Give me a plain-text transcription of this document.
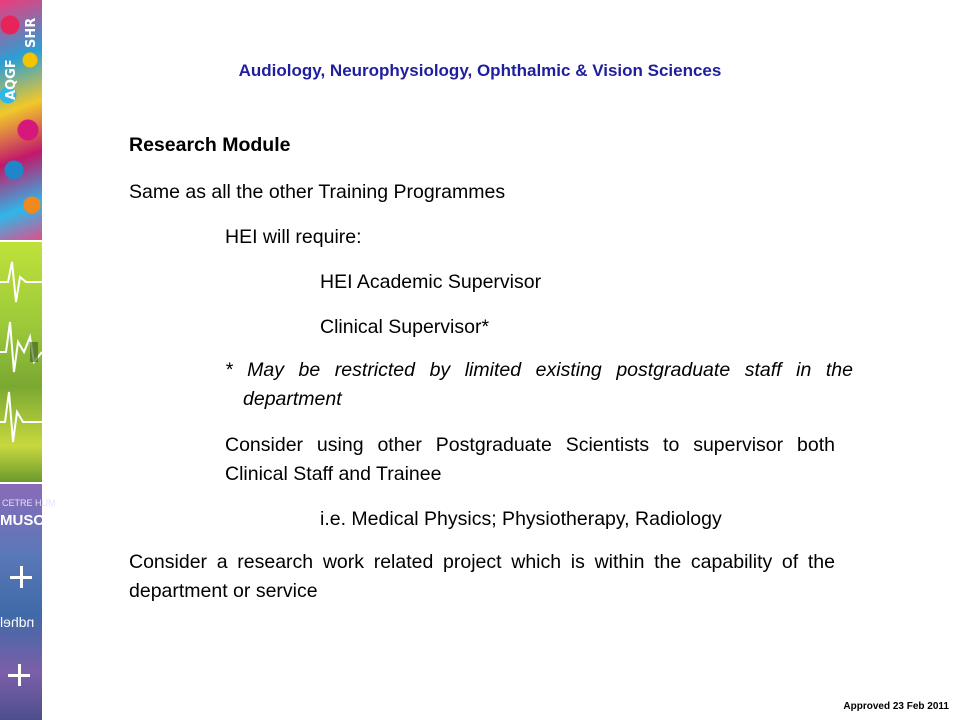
AQGF
SHR
CETRE HUM
MUSCLI
ndhel
Audiology, Neurophysiology, Ophthalmic & Vision Sciences
Research Module
Same as all the other Training Programmes
HEI will require:
HEI Academic Supervisor
Clinical Supervisor*
* May be restricted by limited existing postgraduate staff in the department
Consider using other Postgraduate Scientists to supervisor both Clinical Staff and Trainee
i.e. Medical Physics; Physiotherapy, Radiology
Consider a research work related project which is within the capability of the department or service
Approved 23 Feb 2011
